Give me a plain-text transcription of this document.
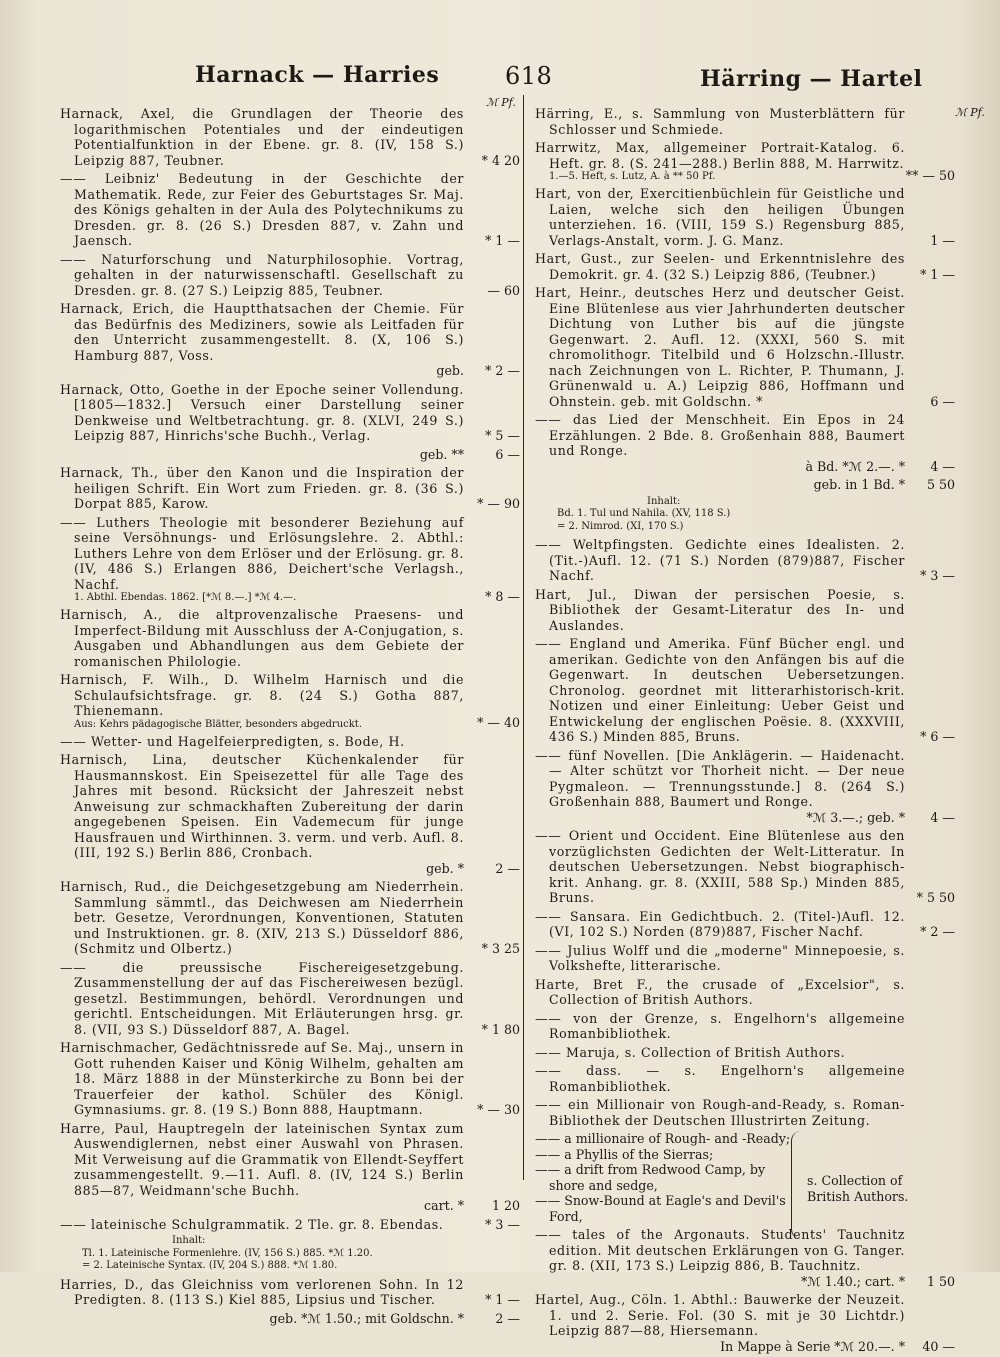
Harnack — Harries	618	Härring — Hartel
ℳ Pf.
ℳ Pf.
Harnack, Axel, die Grundlagen der Theorie des logarithmischen Potentiales und der eindeutigen Potentialfunktion in der Ebene. gr. 8. (IV, 158 S.) Leipzig 887, Teubner.	* 4 20
—— Leibniz' Bedeutung in der Geschichte der Mathematik. Rede, zur Feier des Geburtstages Sr. Maj. des Königs gehalten in der Aula des Polytechnikums zu Dresden. gr. 8. (26 S.) Dresden 887, v. Zahn und Jaensch.	* 1 —
—— Naturforschung und Naturphilosophie. Vortrag, gehalten in der naturwissenschaftl. Gesellschaft zu Dresden. gr. 8. (27 S.) Leipzig 885, Teubner.	— 60
Harnack, Erich, die Hauptthatsachen der Chemie. Für das Bedürfnis des Mediziners, sowie als Leitfaden für den Unterricht zusammengestellt. 8. (X, 106 S.) Hamburg 887, Voss.
geb.	* 2 —
Harnack, Otto, Goethe in der Epoche seiner Vollendung. [1805—1832.] Versuch einer Darstellung seiner Denkweise und Weltbetrachtung. gr. 8. (XLVI, 249 S.) Leipzig 887, Hinrichs'sche Buchh., Verlag.	* 5 —
geb. **	6 —
Harnack, Th., über den Kanon und die Inspiration der heiligen Schrift. Ein Wort zum Frieden. gr. 8. (36 S.) Dorpat 885, Karow.	* — 90
—— Luthers Theologie mit besonderer Beziehung auf seine Versöhnungs- und Erlösungslehre. 2. Abthl.: Luthers Lehre von dem Erlöser und der Erlösung. gr. 8. (IV, 486 S.) Erlangen 886, Deichert'sche Verlagsh., Nachf.
1. Abthl. Ebendas. 1862. [*ℳ 8.—.] *ℳ 4.—.	* 8 —
Harnisch, A., die altprovenzalische Praesens- und Imperfect-Bildung mit Ausschluss der A-Conjugation, s. Ausgaben und Abhandlungen aus dem Gebiete der romanischen Philologie.
Harnisch, F. Wilh., D. Wilhelm Harnisch und die Schulaufsichtsfrage. gr. 8. (24 S.) Gotha 887, Thienemann.
Aus: Kehrs pädagogische Blätter, besonders abgedruckt.	* — 40
—— Wetter- und Hagelfeierpredigten, s. Bode, H.
Harnisch, Lina, deutscher Küchenkalender für Hausmannskost. Ein Speisezettel für alle Tage des Jahres mit besond. Rücksicht der Jahreszeit nebst Anweisung zur schmackhaften Zubereitung der darin angegebenen Speisen. Ein Vademecum für junge Hausfrauen und Wirthinnen. 3. verm. und verb. Aufl. 8. (III, 192 S.) Berlin 886, Cronbach.
geb. *	2 —
Harnisch, Rud., die Deichgesetzgebung am Niederrhein. Sammlung sämmtl., das Deichwesen am Niederrhein betr. Gesetze, Verordnungen, Konventionen, Statuten und Instruktionen. gr. 8. (XIV, 213 S.) Düsseldorf 886, (Schmitz und Olbertz.)	* 3 25
—— die preussische Fischereigesetzgebung. Zusammenstellung der auf das Fischereiwesen bezügl. gesetzl. Bestimmungen, behördl. Verordnungen und gerichtl. Entscheidungen. Mit Erläuterungen hrsg. gr. 8. (VII, 93 S.) Düsseldorf 887, A. Bagel.	* 1 80
Harnischmacher, Gedächtnissrede auf Se. Maj., unsern in Gott ruhenden Kaiser und König Wilhelm, gehalten am 18. März 1888 in der Münsterkirche zu Bonn bei der Trauerfeier der kathol. Schüler des Königl. Gymnasiums. gr. 8. (19 S.) Bonn 888, Hauptmann.	* — 30
Harre, Paul, Hauptregeln der lateinischen Syntax zum Auswendiglernen, nebst einer Auswahl von Phrasen. Mit Verweisung auf die Grammatik von Ellendt-Seyffert zusammengestellt. 9.—11. Aufl. 8. (IV, 124 S.) Berlin 885—87, Weidmann'sche Buchh.
cart. *	1 20
—— lateinische Schulgrammatik. 2 Tle. gr. 8. Ebendas.	* 3 —
Inhalt:
Tl. 1. Lateinische Formenlehre. (IV, 156 S.) 885. *ℳ 1.20.
= 2. Lateinische Syntax. (IV, 204 S.) 888. *ℳ 1.80.
Harries, D., das Gleichniss vom verlorenen Sohn. In 12 Predigten. 8. (113 S.) Kiel 885, Lipsius und Tischer.	* 1 —
geb. *ℳ 1.50.; mit Goldschn. *	2 —
Härring, E., s. Sammlung von Musterblättern für Schlosser und Schmiede.
Harrwitz, Max, allgemeiner Portrait-Katalog. 6. Heft. gr. 8. (S. 241—288.) Berlin 888, M. Harrwitz.
1.—5. Heft, s. Lutz, A. à ** 50 Pf.	** — 50
Hart, von der, Exercitienbüchlein für Geistliche und Laien, welche sich den heiligen Übungen unterziehen. 16. (VIII, 159 S.) Regensburg 885, Verlags-Anstalt, vorm. J. G. Manz.	1 —
Hart, Gust., zur Seelen- und Erkenntnislehre des Demokrit. gr. 4. (32 S.) Leipzig 886, (Teubner.)	* 1 —
Hart, Heinr., deutsches Herz und deutscher Geist. Eine Blütenlese aus vier Jahrhunderten deutscher Dichtung von Luther bis auf die jüngste Gegenwart. 2. Aufl. 12. (XXXI, 560 S. mit chromolithogr. Titelbild und 6 Holzschn.-Illustr. nach Zeichnungen von L. Richter, P. Thumann, J. Grünenwald u. A.) Leipzig 886, Hoffmann und Ohnstein. geb. mit Goldschn. *	6 —
—— das Lied der Menschheit. Ein Epos in 24 Erzählungen. 2 Bde. 8. Großenhain 888, Baumert und Ronge.
à Bd. *ℳ 2.—. *	4 —
geb. in 1 Bd. *	5 50
Inhalt:
Bd. 1. Tul und Nahila. (XV, 118 S.)
= 2. Nimrod. (XI, 170 S.)
—— Weltpfingsten. Gedichte eines Idealisten. 2. (Tit.-)Aufl. 12. (71 S.) Norden (879)887, Fischer Nachf.	* 3 —
Hart, Jul., Diwan der persischen Poesie, s. Bibliothek der Gesamt-Literatur des In- und Auslandes.
—— England und Amerika. Fünf Bücher engl. und amerikan. Gedichte von den Anfängen bis auf die Gegenwart. In deutschen Uebersetzungen. Chronolog. geordnet mit litterarhistorisch-krit. Notizen und einer Einleitung: Ueber Geist und Entwickelung der englischen Poësie. 8. (XXXVIII, 436 S.) Minden 885, Bruns.	* 6 —
—— fünf Novellen. [Die Anklägerin. — Haidenacht. — Alter schützt vor Thorheit nicht. — Der neue Pygmaleon. — Trennungsstunde.] 8. (264 S.) Großenhain 888, Baumert und Ronge.
*ℳ 3.—.; geb. *	4 —
—— Orient und Occident. Eine Blütenlese aus den vorzüglichsten Gedichten der Welt-Litteratur. In deutschen Uebersetzungen. Nebst biographisch-krit. Anhang. gr. 8. (XXIII, 588 Sp.) Minden 885, Bruns.	* 5 50
—— Sansara. Ein Gedichtbuch. 2. (Titel-)Aufl. 12. (VI, 102 S.) Norden (879)887, Fischer Nachf.	* 2 —
—— Julius Wolff und die „moderne" Minnepoesie, s. Volkshefte, litterarische.
Harte, Bret F., the crusade of „Excelsior", s. Collection of British Authors.
—— von der Grenze, s. Engelhorn's allgemeine Romanbibliothek.
—— Maruja, s. Collection of British Authors.
—— dass. — s. Engelhorn's allgemeine Romanbibliothek.
—— ein Millionair von Rough-and-Ready, s. Roman-Bibliothek der Deutschen Illustrirten Zeitung.
—— a millionaire of Rough- and -Ready;
—— a Phyllis of the Sierras;
—— a drift from Redwood Camp, by shore and sedge,
—— Snow-Bound at Eagle's and Devil's Ford,
s. Collection of British Authors.
—— tales of the Argonauts. Students' Tauchnitz edition. Mit deutschen Erklärungen von G. Tanger. gr. 8. (XII, 173 S.) Leipzig 886, B. Tauchnitz.
*ℳ 1.40.; cart. *	1 50
Hartel, Aug., Cöln. 1. Abthl.: Bauwerke der Neuzeit. 1. und 2. Serie. Fol. (30 S. mit je 30 Lichtdr.) Leipzig 887—88, Hiersemann.
In Mappe à Serie *ℳ 20.—. *	40 —
